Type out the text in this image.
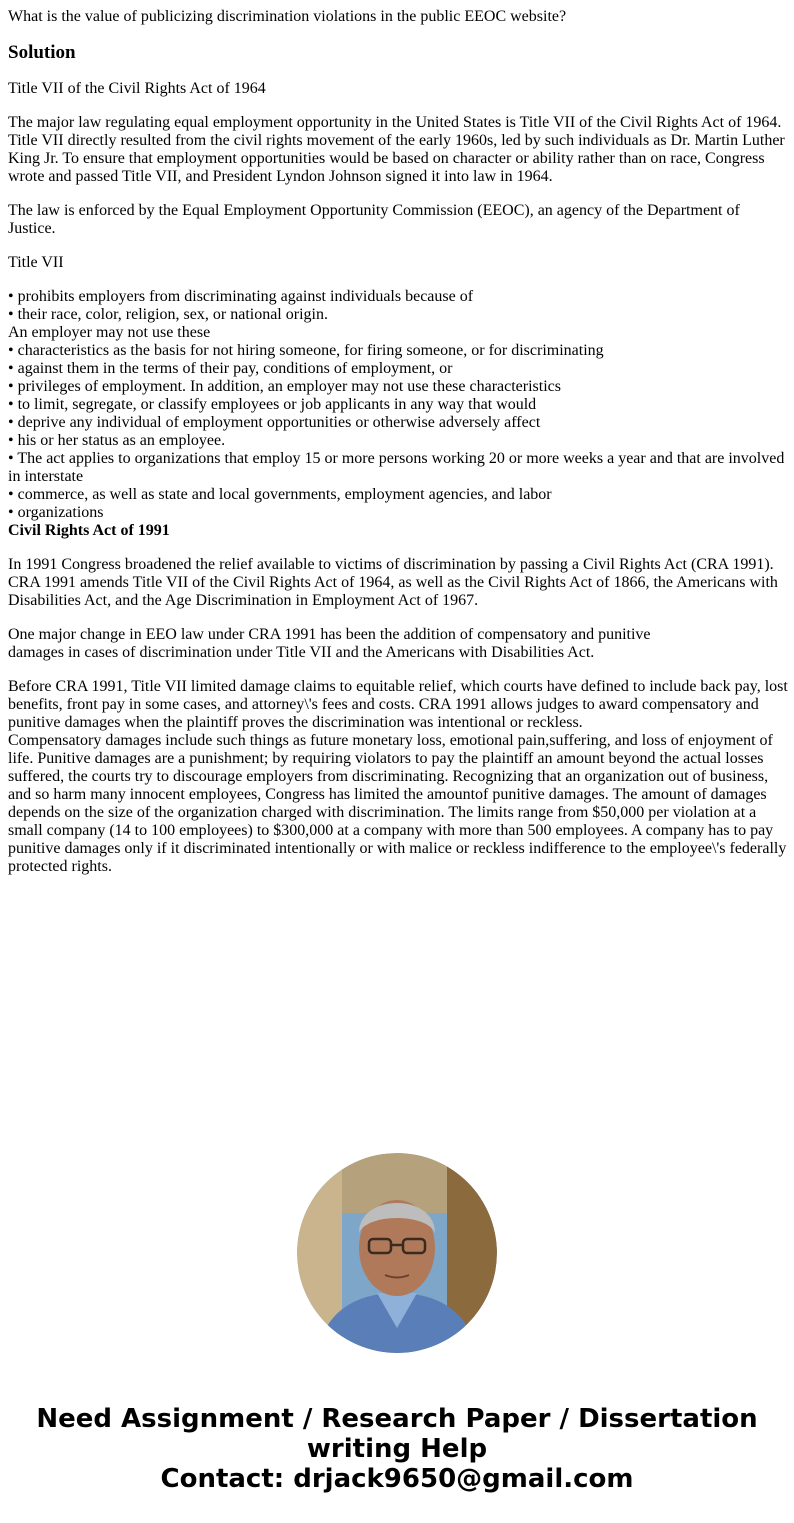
What is the value of publicizing discrimination violations in the public EEOC website?
Solution

Title VII of the Civil Rights Act of 1964

The major law regulating equal employment opportunity in the United States is Title VII of the Civil Rights Act of 1964. Title VII directly resulted from the civil rights movement of the early 1960s, led by such individuals as Dr. Martin Luther King Jr. To ensure that employment opportunities would be based on character or ability rather than on race, Congress wrote and passed Title VII, and President Lyndon Johnson signed it into law in 1964.

The law is enforced by the Equal Employment Opportunity Commission (EEOC), an agency of the Department of Justice.

Title VII

• prohibits employers from discriminating against individuals because of
• their race, color, religion, sex, or national origin.
An employer may not use these
• characteristics as the basis for not hiring someone, for firing someone, or for discriminating
• against them in the terms of their pay, conditions of employment, or
• privileges of employment. In addition, an employer may not use these characteristics
• to limit, segregate, or classify employees or job applicants in any way that would
• deprive any individual of employment opportunities or otherwise adversely affect
• his or her status as an employee.
• The act applies to organizations that employ 15 or more persons working 20 or more weeks a year and that are involved in interstate
• commerce, as well as state and local governments, employment agencies, and labor
• organizations
Civil Rights Act of 1991

In 1991 Congress broadened the relief available to victims of discrimination by passing a Civil Rights Act (CRA 1991). CRA 1991 amends Title VII of the Civil Rights Act of 1964, as well as the Civil Rights Act of 1866, the Americans with Disabilities Act, and the Age Discrimination in Employment Act of 1967.

One major change in EEO law under CRA 1991 has been the addition of compensatory and punitive
damages in cases of discrimination under Title VII and the Americans with Disabilities Act.

Before CRA 1991, Title VII limited damage claims to equitable relief, which courts have defined to include back pay, lost benefits, front pay in some cases, and attorney\'s fees and costs. CRA 1991 allows judges to award compensatory and punitive damages when the plaintiff proves the discrimination was intentional or reckless.
Compensatory damages include such things as future monetary loss, emotional pain,suffering, and loss of enjoyment of life. Punitive damages are a punishment; by requiring violators to pay the plaintiff an amount beyond the actual losses suffered, the courts try to discourage employers from discriminating. Recognizing that an organization out of business, and so harm many innocent employees, Congress has limited the amountof punitive damages. The amount of damages depends on the size of the organization charged with discrimination. The limits range from $50,000 per violation at a small company (14 to 100 employees) to $300,000 at a company with more than 500 employees. A company has to pay punitive damages only if it discriminated intentionally or with malice or reckless indifference to the employee\'s federally protected rights.

Need Assignment / Research Paper / Dissertation
writing Help
Contact: drjack9650@gmail.com
